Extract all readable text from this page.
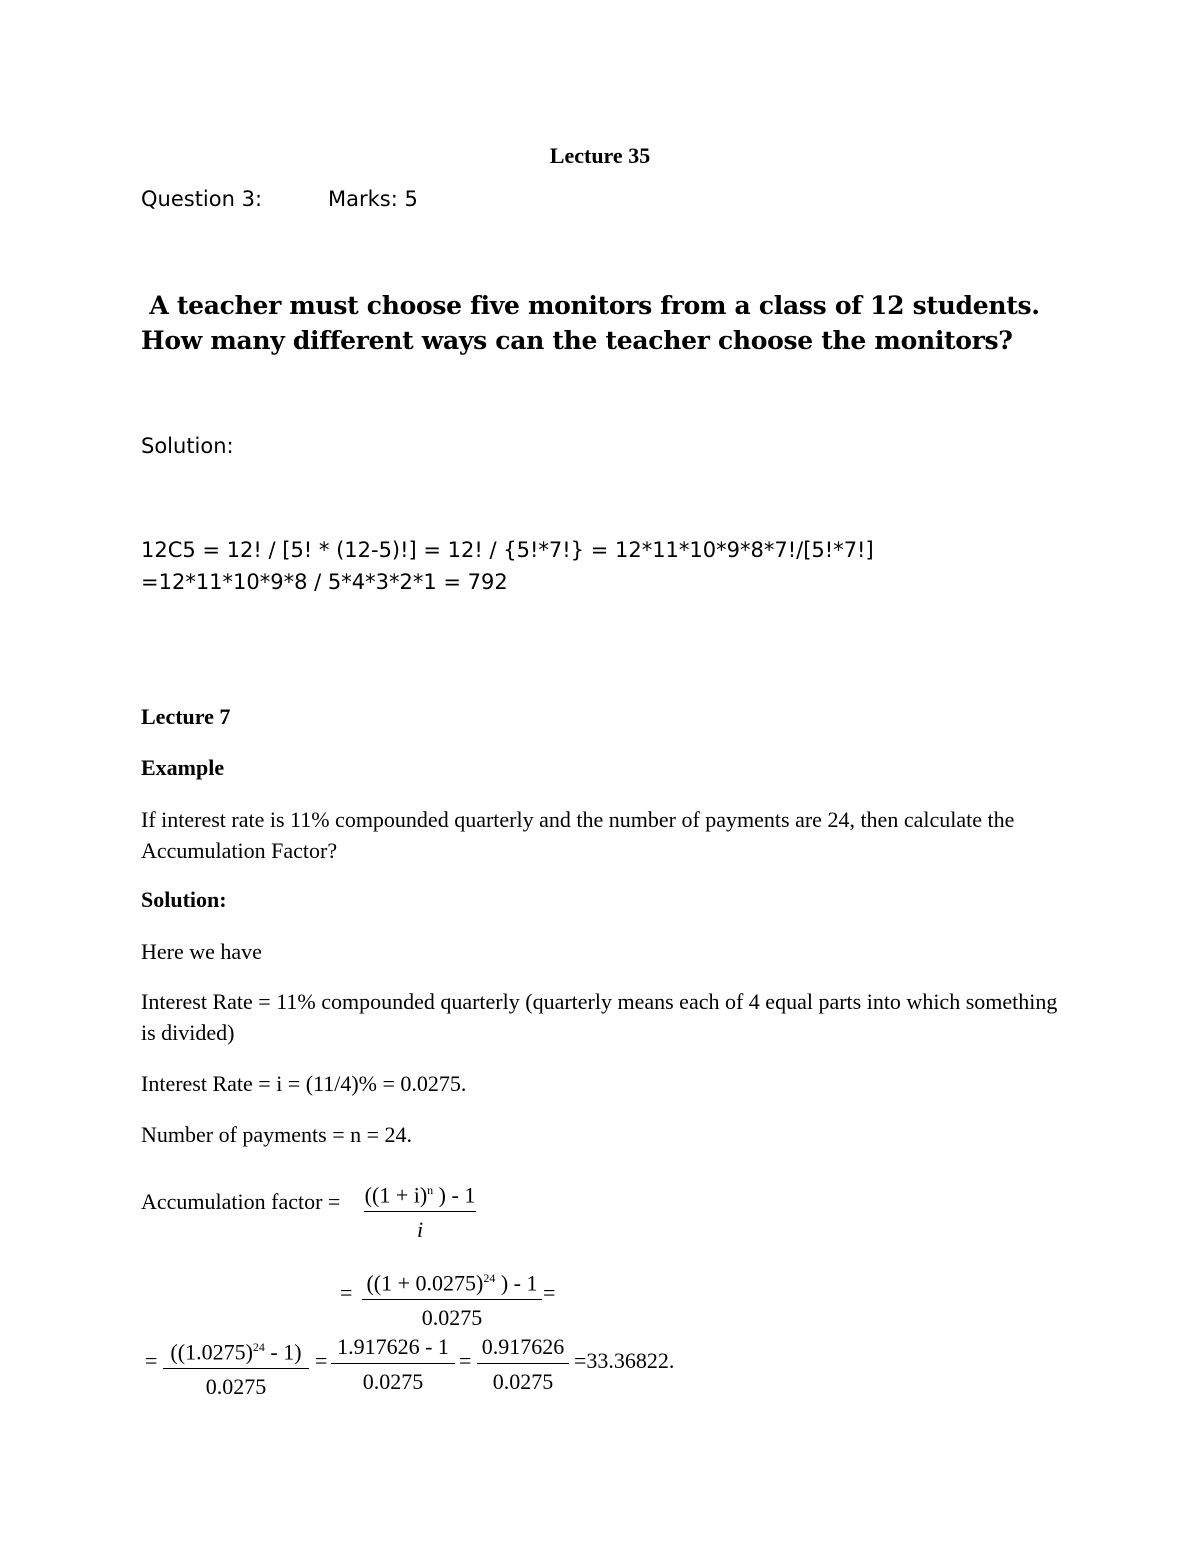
Lecture 35
Question 3:	Marks: 5
A teacher must choose five monitors from a class of 12 students. How many different ways can the teacher choose the monitors?
Solution:
12C5 = 12! / [5! * (12-5)!] = 12! / {5!*7!} = 12*11*10*9*8*7!/[5!*7!]
=12*11*10*9*8 / 5*4*3*2*1 = 792
Lecture 7
Example
If interest rate is 11% compounded quarterly and the number of payments are 24, then calculate the Accumulation Factor?
Solution:
Here we have
Interest Rate = 11% compounded quarterly (quarterly means each of 4 equal parts into which something is divided)
Interest Rate = i = (11/4)% = 0.0275.
Number of payments = n = 24.
Accumulation factor = ($(1 + i)^n$ ) - 1
i
= ($(1 + 0.0275)^{24}$ ) - 1
0.0275
=
= $((1.0275)^{24} - 1)$
0.0275
=
1.917626 - 1
0.0275
=
0.917626
0.0275
=33.36822.
